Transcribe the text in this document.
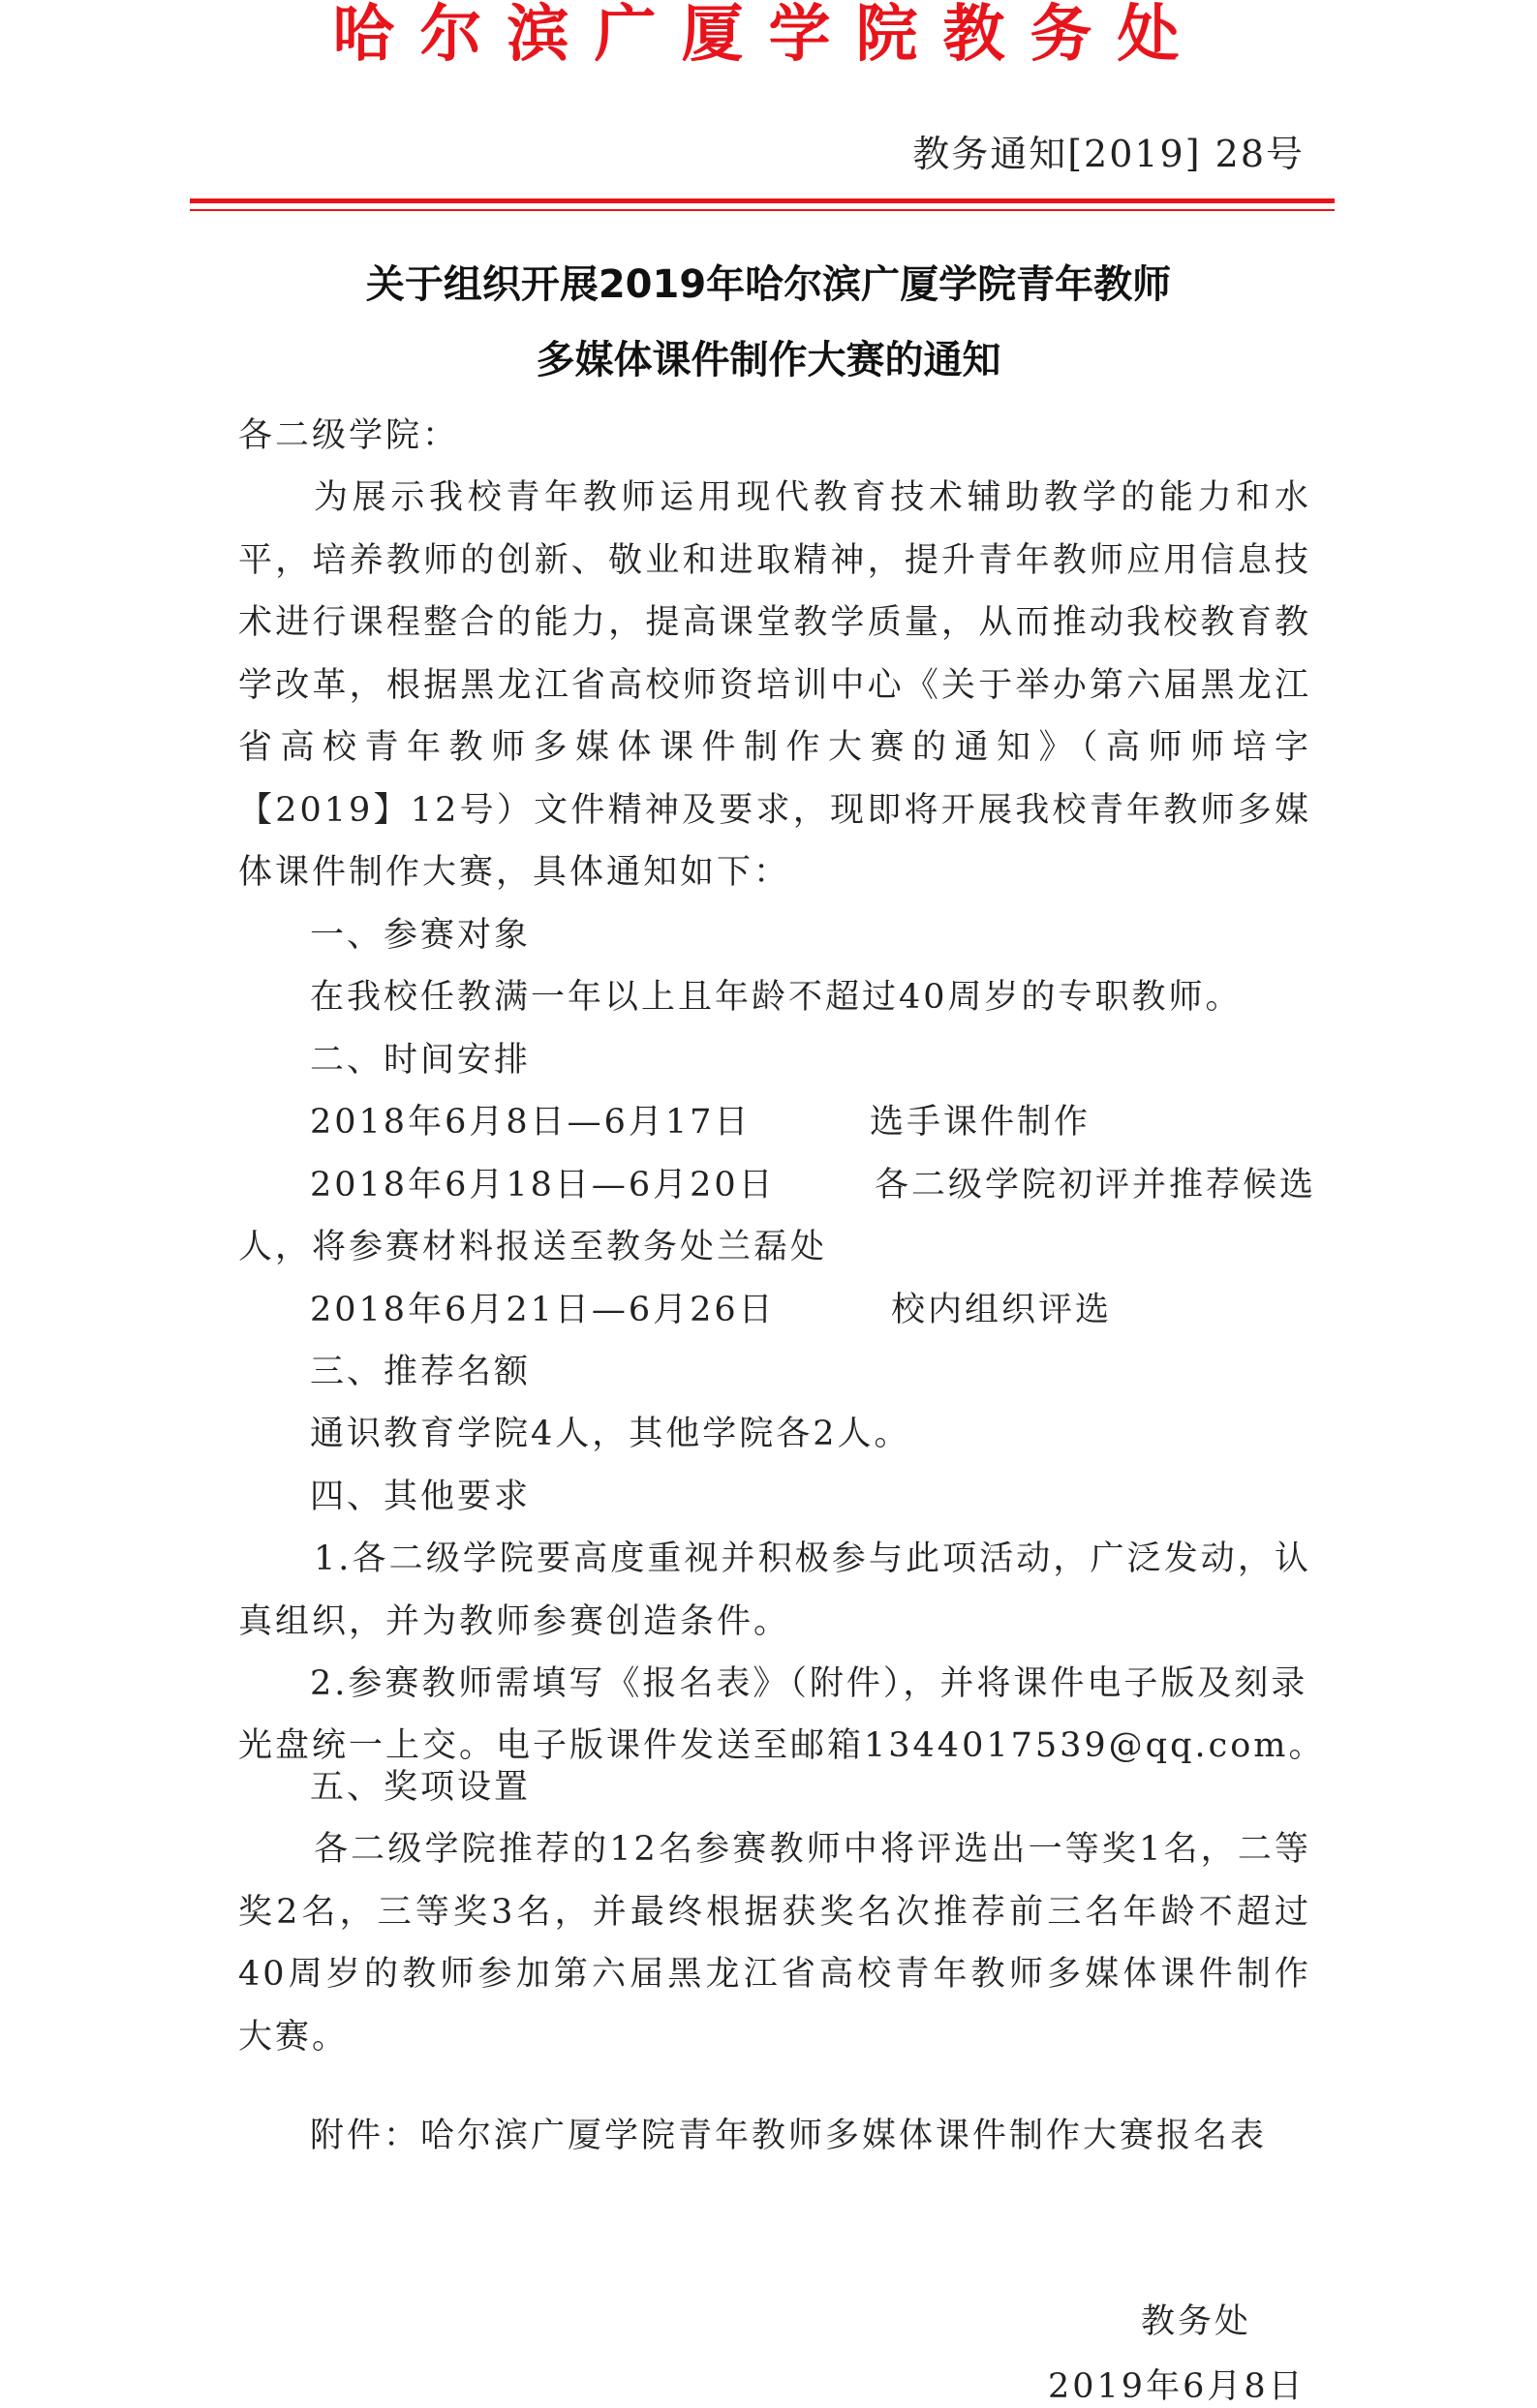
哈尔滨广厦学院教务处
教务通知[2019] 28号
关于组织开展2019年哈尔滨广厦学院青年教师
多媒体课件制作大赛的通知
各二级学院：
为展示我校青年教师运用现代教育技术辅助教学的能力和水平，培养教师的创新、敬业和进取精神，提升青年教师应用信息技术进行课程整合的能力，提高课堂教学质量，从而推动我校教育教学改革，根据黑龙江省高校师资培训中心《关于举办第六届黑龙江省高校青年教师多媒体课件制作大赛的通知》（高师师培字【2019】12号）文件精神及要求，现即将开展我校青年教师多媒体课件制作大赛，具体通知如下：
一、参赛对象
在我校任教满一年以上且年龄不超过40周岁的专职教师。
二、时间安排
2018年6月8日—6月17日	选手课件制作
2018年6月18日—6月20日	各二级学院初评并推荐候选
人，将参赛材料报送至教务处兰磊处
2018年6月21日—6月26日	校内组织评选
三、推荐名额
通识教育学院4人，其他学院各2人。
四、其他要求
1.各二级学院要高度重视并积极参与此项活动，广泛发动，认真组织，并为教师参赛创造条件。
2.参赛教师需填写《报名表》（附件），并将课件电子版及刻录
光盘统一上交。电子版课件发送至邮箱1344017539@qq.com。
五、奖项设置
各二级学院推荐的12名参赛教师中将评选出一等奖1名，二等奖2名，三等奖3名，并最终根据获奖名次推荐前三名年龄不超过40周岁的教师参加第六届黑龙江省高校青年教师多媒体课件制作大赛。
附件：哈尔滨广厦学院青年教师多媒体课件制作大赛报名表
教务处
2019年6月8日
